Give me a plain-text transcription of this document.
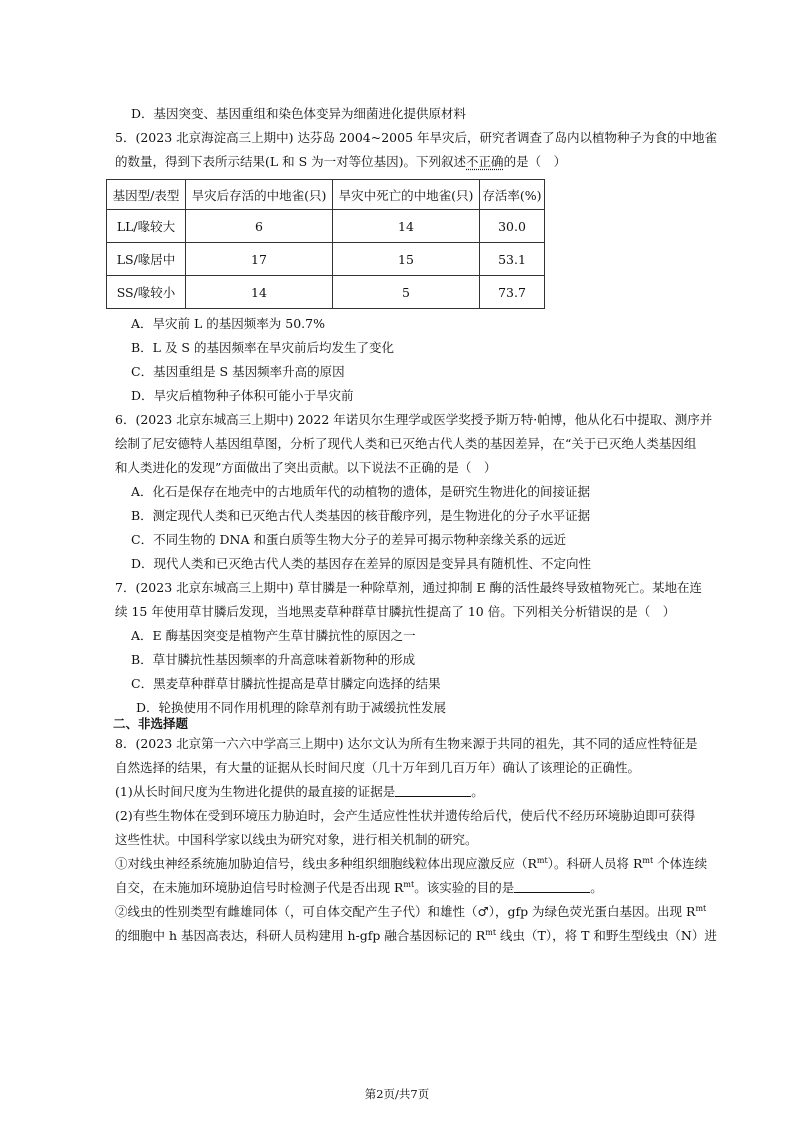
D．基因突变、基因重组和染色体变异为细菌进化提供原材料
5．(2023 北京海淀高三上期中) 达芬岛 2004~2005 年旱灾后，研究者调查了岛内以植物种子为食的中地雀
的数量，得到下表所示结果(L 和 S 为一对等位基因)。下列叙述不正确的是（　）
基因型/表型	旱灾后存活的中地雀(只)	旱灾中死亡的中地雀(只)	存活率(%)
LL/喙较大	6	14	30.0
LS/喙居中	17	15	53.1
SS/喙较小	14	5	73.7
A．旱灾前 L 的基因频率为 50.7%
B．L 及 S 的基因频率在旱灾前后均发生了变化
C．基因重组是 S 基因频率升高的原因
D．旱灾后植物种子体积可能小于旱灾前
6．(2023 北京东城高三上期中) 2022 年诺贝尔生理学或医学奖授予斯万特·帕博，他从化石中提取、测序并
绘制了尼安德特人基因组草图，分析了现代人类和已灭绝古代人类的基因差异，在“关于已灭绝人类基因组
和人类进化的发现”方面做出了突出贡献。以下说法不正确的是（　）
A．化石是保存在地壳中的古地质年代的动植物的遗体，是研究生物进化的间接证据
B．测定现代人类和已灭绝古代人类基因的核苷酸序列，是生物进化的分子水平证据
C．不同生物的 DNA 和蛋白质等生物大分子的差异可揭示物种亲缘关系的远近
D．现代人类和已灭绝古代人类的基因存在差异的原因是变异具有随机性、不定向性
7．(2023 北京东城高三上期中) 草甘膦是一种除草剂，通过抑制 E 酶的活性最终导致植物死亡。某地在连
续 15 年使用草甘膦后发现，当地黑麦草种群草甘膦抗性提高了 10 倍。下列相关分析错误的是（　）
A．E 酶基因突变是植物产生草甘膦抗性的原因之一
B．草甘膦抗性基因频率的升高意味着新物种的形成
C．黑麦草种群草甘膦抗性提高是草甘膦定向选择的结果
D．轮换使用不同作用机理的除草剂有助于减缓抗性发展
二、非选择题
8．(2023 北京第一六六中学高三上期中) 达尔文认为所有生物来源于共同的祖先，其不同的适应性特征是
自然选择的结果，有大量的证据从长时间尺度（几十万年到几百万年）确认了该理论的正确性。
(1)从长时间尺度为生物进化提供的最直接的证据是	。
(2)有些生物体在受到环境压力胁迫时，会产生适应性性状并遗传给后代，使后代不经历环境胁迫即可获得
这些性状。中国科学家以线虫为研究对象，进行相关机制的研究。
①对线虫神经系统施加胁迫信号，线虫多种组织细胞线粒体出现应激反应$(R^{mt})$。科研人员将 $R^{mt}$ 个体连续
自交，在未施加环境胁迫信号时检测子代是否出现 $R^{mt}$。该实验的目的是	。
②线虫的性别类型有雌雄同体（，可自体交配产生子代）和雄性（♂），gfp 为绿色荧光蛋白基因。出现 $R^{mt}$
的细胞中 h 基因高表达，科研人员构建用 h-gfp 融合基因标记的 $R^{mt}$ 线虫（T），将 T 和野生型线虫（N）进
第2页/共7页
